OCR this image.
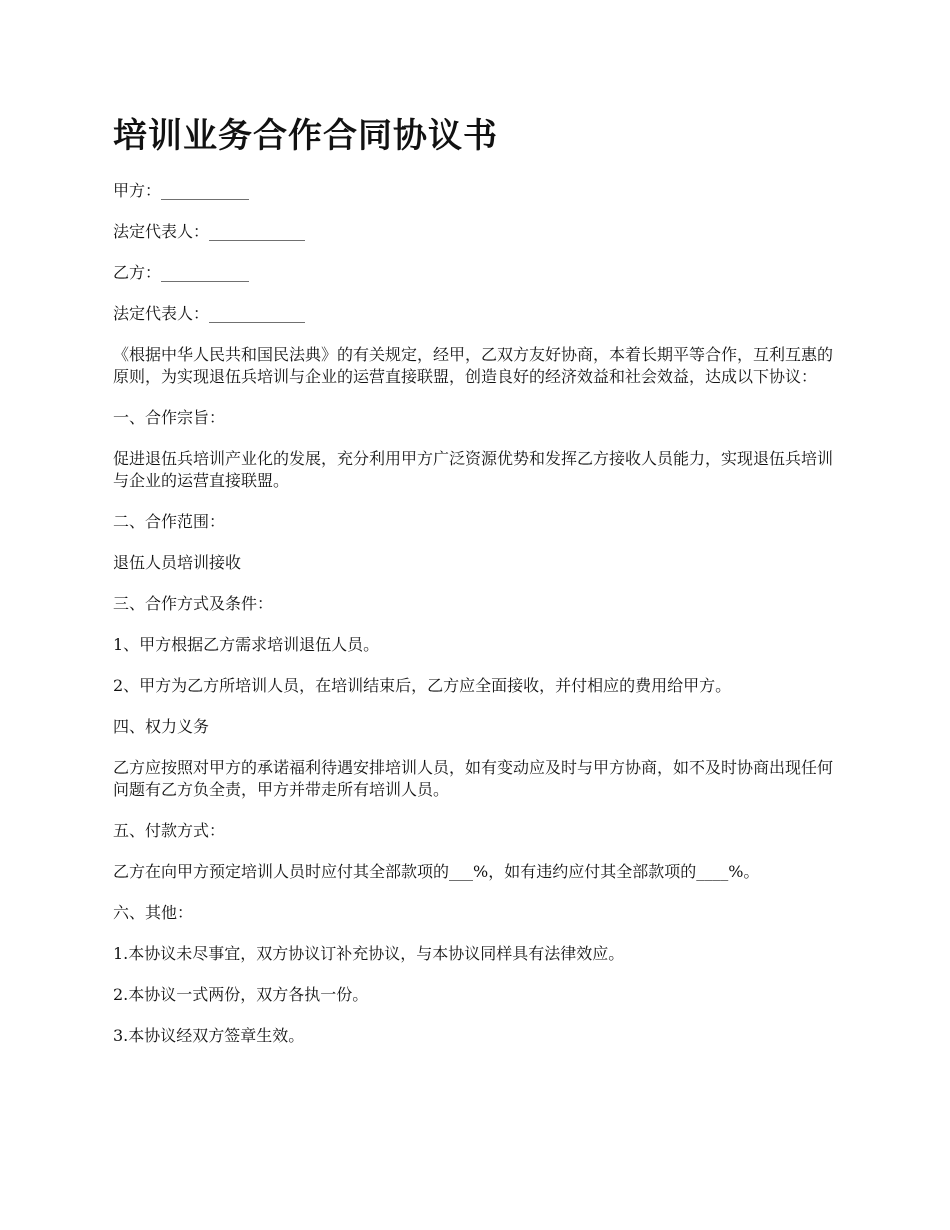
培训业务合作合同协议书

甲方：___________

法定代表人：____________

乙方：___________

法定代表人：____________

《根据中华人民共和国民法典》的有关规定，经甲，乙双方友好协商，本着长期平等合作，互利互惠的原则，为实现退伍兵培训与企业的运营直接联盟，创造良好的经济效益和社会效益，达成以下协议：

一、合作宗旨：

促进退伍兵培训产业化的发展，充分利用甲方广泛资源优势和发挥乙方接收人员能力，实现退伍兵培训与企业的运营直接联盟。

二、合作范围：

退伍人员培训接收

三、合作方式及条件：

1、甲方根据乙方需求培训退伍人员。

2、甲方为乙方所培训人员，在培训结束后，乙方应全面接收，并付相应的费用给甲方。

四、权力义务

乙方应按照对甲方的承诺福利待遇安排培训人员，如有变动应及时与甲方协商，如不及时协商出现任何问题有乙方负全责，甲方并带走所有培训人员。

五、付款方式：

乙方在向甲方预定培训人员时应付其全部款项的___%，如有违约应付其全部款项的____%。

六、其他：

1.本协议未尽事宜，双方协议订补充协议，与本协议同样具有法律效应。

2.本协议一式两份，双方各执一份。

3.本协议经双方签章生效。
